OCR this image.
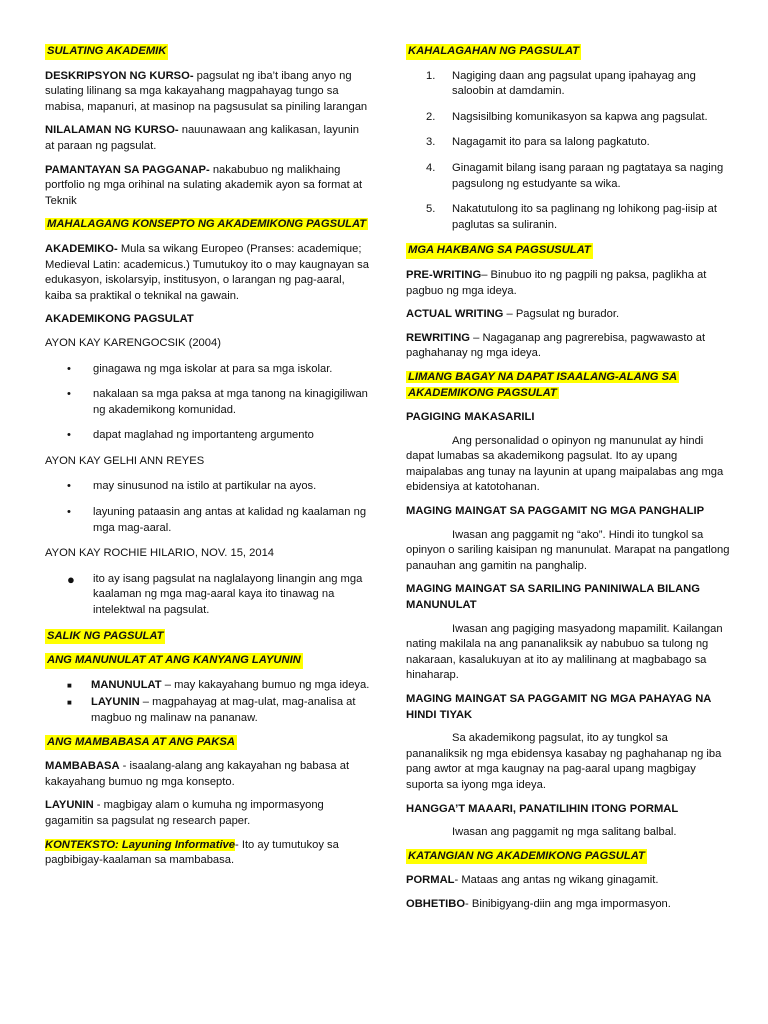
SULATING AKADEMIK

DESKRIPSYON NG KURSO- pagsulat ng iba’t ibang anyo ng sulating lilinang sa mga kakayahang magpahayag tungo sa mabisa, mapanuri, at masinop na pagsusulat sa piniling larangan

NILALAMAN NG KURSO- nauunawaan ang kalikasan, layunin at paraan ng pagsulat.

PAMANTAYAN SA PAGGANAP- nakabubuo ng malikhaing portfolio ng mga orihinal na sulating akademik ayon sa format at Teknik

MAHALAGANG KONSEPTO NG AKADEMIKONG PAGSULAT

AKADEMIKO- Mula sa wikang Europeo (Pranses: academique; Medieval Latin: academicus.) Tumutukoy ito o may kaugnayan sa edukasyon, iskolarsyip, institusyon, o larangan ng pag-aaral, kaiba sa praktikal o teknikal na gawain.

AKADEMIKONG PAGSULAT

AYON KAY KARENGOCSIK (2004)

• ginagawa ng mga iskolar at para sa mga iskolar.
• nakalaan sa mga paksa at mga tanong na kinagigiliwan ng akademikong komunidad.
• dapat maglahad ng importanteng argumento

AYON KAY GELHI ANN REYES

• may sinusunod na istilo at partikular na ayos.
• layuning pataasin ang antas at kalidad ng kaalaman ng mga mag-aaral.

AYON KAY ROCHIE HILARIO, NOV. 15, 2014

● ito ay isang pagsulat na naglalayong linangin ang mga kaalaman ng mga mag-aaral kaya ito tinawag na intelektwal na pagsulat.
SALIK NG PAGSULAT
ANG MANUNULAT AT ANG KANYANG LAYUNIN
■ MANUNULAT – may kakayahang bumuo ng mga ideya.
■ LAYUNIN – magpahayag at mag-ulat, mag-analisa at magbuo ng malinaw na pananaw.
ANG MAMBABASA AT ANG PAKSA

MAMBABASA - isaalang-alang ang kakayahan ng babasa at kakayahang bumuo ng mga konsepto.

LAYUNIN - magbigay alam o kumuha ng impormasyong gagamitin sa pagsulat ng research paper.

KONTEKSTO: Layuning Informative- Ito ay tumutukoy sa pagbibigay-kaalaman sa mambabasa.

KAHALAGAHAN NG PAGSULAT
1. Nagiging daan ang pagsulat upang ipahayag ang saloobin at damdamin.
2. Nagsisilbing komunikasyon sa kapwa ang pagsulat.
3. Nagagamit ito para sa lalong pagkatuto.
4. Ginagamit bilang isang paraan ng pagtataya sa naging pagsulong ng estudyante sa wika.
5. Nakatutulong ito sa paglinang ng lohikong pag-iisip at paglutas sa suliranin.
MGA HAKBANG SA PAGSUSULAT

PRE-WRITING– Binubuo ito ng pagpili ng paksa, paglikha at pagbuo ng mga ideya.

ACTUAL WRITING – Pagsulat ng burador.

REWRITING – Nagaganap ang pagrerebisa, pagwawasto at paghahanay ng mga ideya.

LIMANG BAGAY NA DAPAT ISAALANG-ALANG SA AKADEMIKONG PAGSULAT

PAGIGING MAKASARILI

Ang personalidad o opinyon ng manunulat ay hindi dapat lumabas sa akademikong pagsulat. Ito ay upang maipalabas ang tunay na layunin at upang maipalabas ang mga ebidensiya at katotohanan.

MAGING MAINGAT SA PAGGAMIT NG MGA PANGHALIP

Iwasan ang paggamit ng “ako”. Hindi ito tungkol sa opinyon o sariling kaisipan ng manunulat. Marapat na pangatlong panauhan ang gamitin na panghalip.

MAGING MAINGAT SA SARILING PANINIWALA BILANG MANUNULAT

Iwasan ang pagiging masyadong mapamilit. Kailangan nating makilala na ang pananaliksik ay nabubuo sa tulong ng nakaraan, kasalukuyan at ito ay malilinang at magbabago sa hinaharap.

MAGING MAINGAT SA PAGGAMIT NG MGA PAHAYAG NA HINDI TIYAK

Sa akademikong pagsulat, ito ay tungkol sa pananaliksik ng mga ebidensya kasabay ng paghahanap ng iba pang awtor at mga kaugnay na pag-aaral upang magbigay suporta sa iyong mga ideya.

HANGGA’T MAAARI, PANATILIHIN ITONG PORMAL

Iwasan ang paggamit ng mga salitang balbal.

KATANGIAN NG AKADEMIKONG PAGSULAT

PORMAL- Mataas ang antas ng wikang ginagamit.

OBHETIBO- Binibigyang-diin ang mga impormasyon.
